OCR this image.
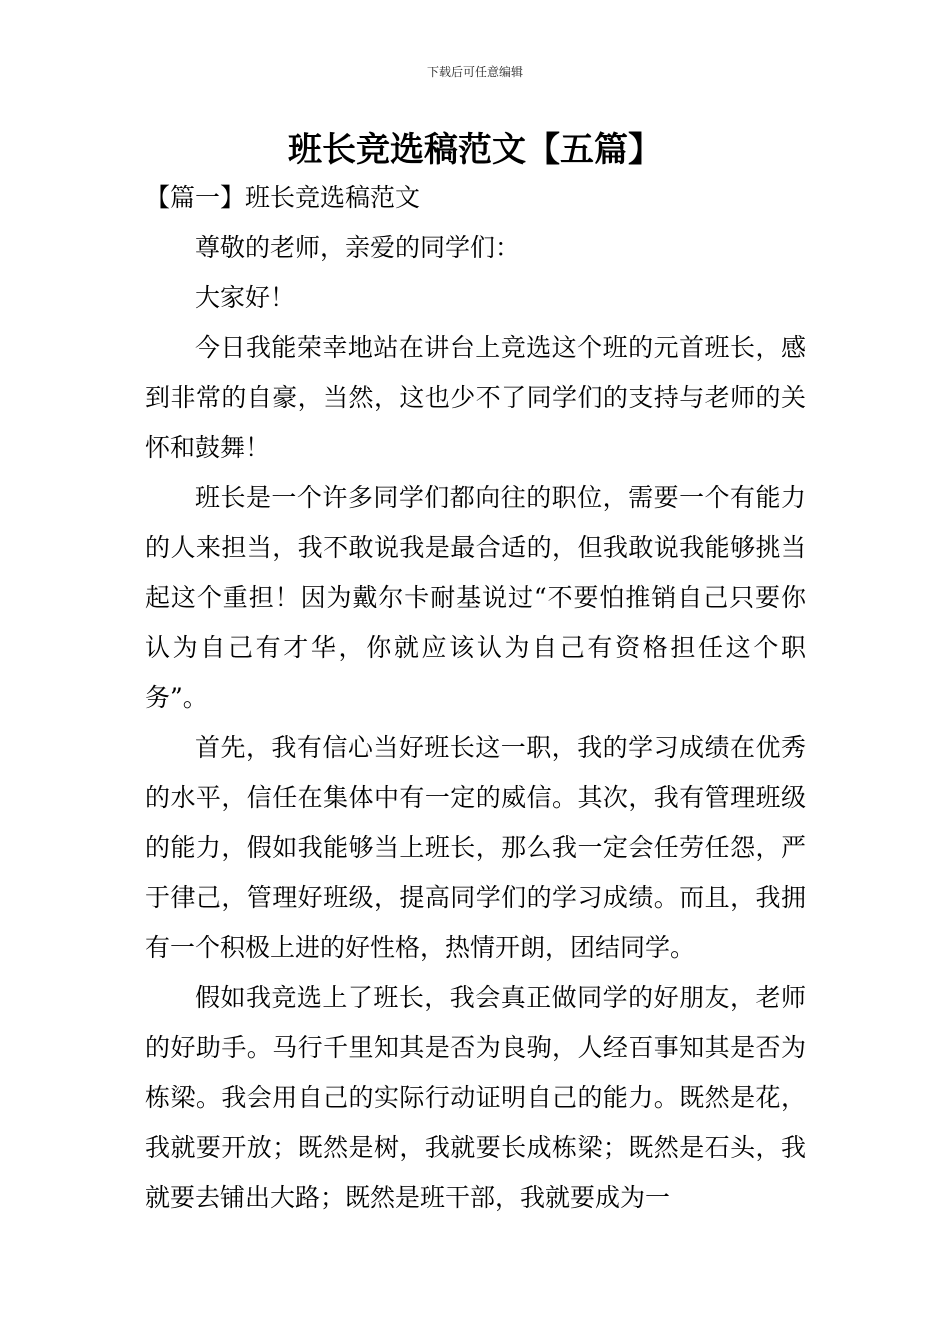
下载后可任意编辑
班长竞选稿范文【五篇】
【篇一】班长竞选稿范文

尊敬的老师，亲爱的同学们：

大家好！

今日我能荣幸地站在讲台上竞选这个班的元首班长，感到非常的自豪，当然，这也少不了同学们的支持与老师的关怀和鼓舞！

班长是一个许多同学们都向往的职位，需要一个有能力的人来担当，我不敢说我是最合适的，但我敢说我能够挑当起这个重担！因为戴尔卡耐基说过“不要怕推销自己只要你认为自己有才华，你就应该认为自己有资格担任这个职务”。

首先，我有信心当好班长这一职，我的学习成绩在优秀的水平，信任在集体中有一定的威信。其次，我有管理班级的能力，假如我能够当上班长，那么我一定会任劳任怨，严于律己，管理好班级，提高同学们的学习成绩。而且，我拥有一个积极上进的好性格，热情开朗，团结同学。

假如我竞选上了班长，我会真正做同学的好朋友，老师的好助手。马行千里知其是否为良驹，人经百事知其是否为栋梁。我会用自己的实际行动证明自己的能力。既然是花，我就要开放；既然是树，我就要长成栋梁；既然是石头，我就要去铺出大路；既然是班干部，我就要成为一
